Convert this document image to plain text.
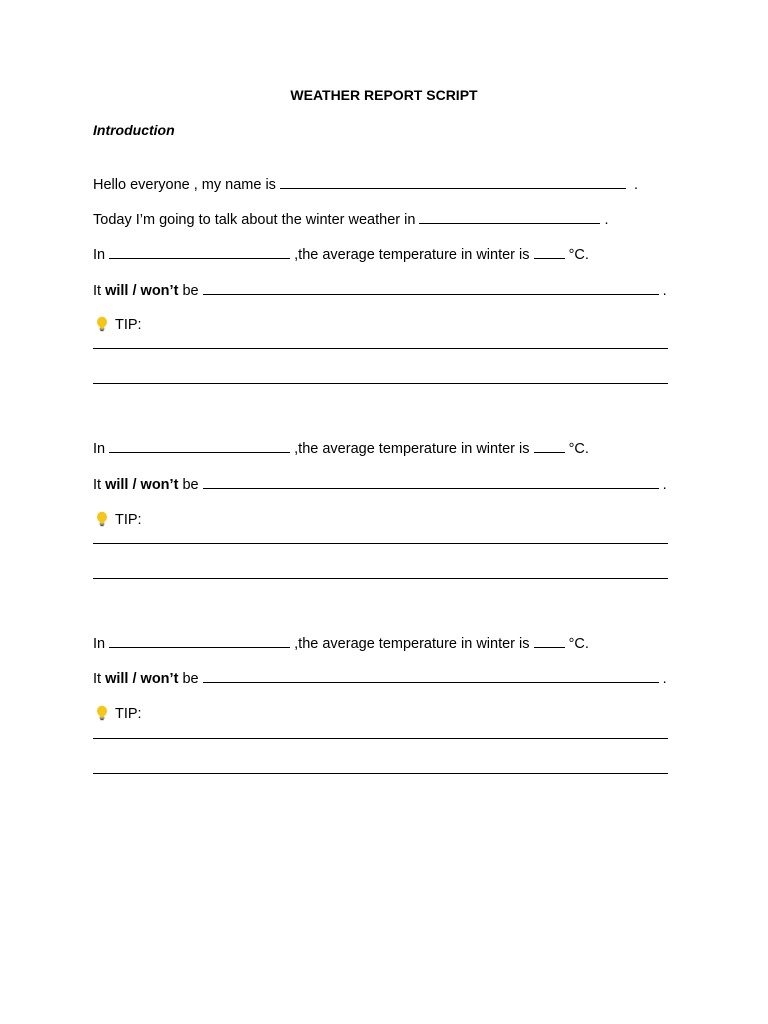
WEATHER REPORT SCRIPT
Introduction
Hello everyone , my name is	.
Today I’m going to talk about the winter weather in	.
In	,the average temperature in winter is	°C.
It will / won’t be	.
TIP:
In	,the average temperature in winter is	°C.
It will / won’t be	.
TIP:
In	,the average temperature in winter is	°C.
It will / won’t be	.
TIP:
